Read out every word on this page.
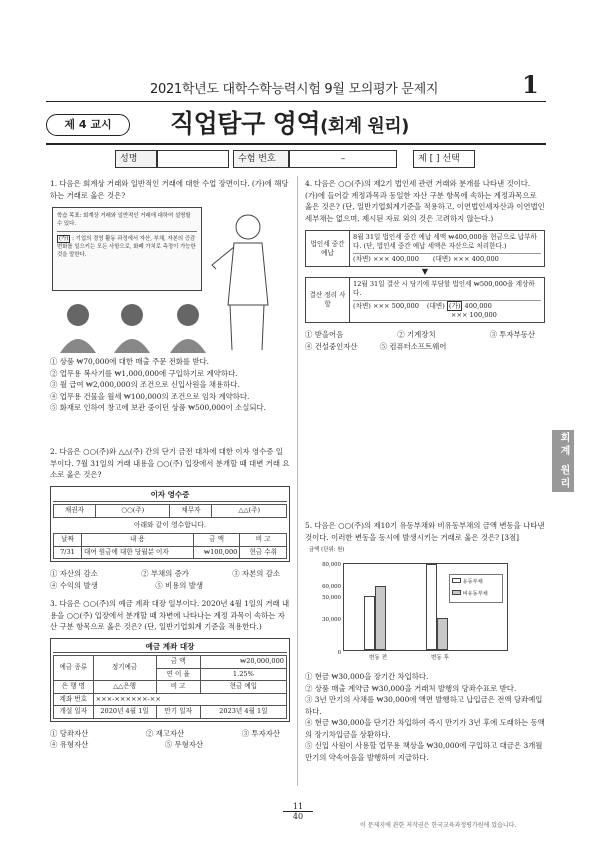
2021학년도 대학수학능력시험 9월 모의평가 문제지	1
제 4 교시	직업탐구 영역(회계 원리)
성명	수험 번호	–	제 [ ] 선택
1. 다음은 회계상 거래와 일반적인 거래에 대한 수업 장면이다. (가)에 해당하는 거래로 옳은 것은?
학습 목표: 회계상 거래와 일반적인 거래에 대하여 설명할 수 있다.
(가) : 기업의 경영 활동 과정에서 자산, 부채, 자본의 증감 변화를 일으키는 모든 사항으로, 화폐 가치로 측정이 가능한 것을 말한다.
① 상품 ₩70,000에 대한 매출 주문 전화를 받다.
② 업무용 복사기를 ₩1,000,000에 구입하기로 계약하다.
③ 월 급여 ₩2,000,000의 조건으로 신입사원을 채용하다.
④ 업무용 건물을 월세 ₩100,000의 조건으로 임차 계약하다.
⑤ 화재로 인하여 창고에 보관 중이던 상품 ₩500,000이 소실되다.
2. 다음은 ○○(주)와 △△(주) 간의 단기 금전 대차에 대한 이자 영수증 일부이다. 7월 31일의 거래 내용을 ○○(주) 입장에서 분개할 때 대변 거래 요소로 옳은 것은?
이자 영수증
채권자	○○(주)	채무자	△△(주)
아래와 같이 영수합니다.
날짜	내 용	금 액	비 고
7/31	대여 원금에 대한 당월분 이자	₩100,000	현금 수취
① 자산의 감소	② 부채의 증가	③ 자본의 감소
④ 수익의 발생	⑤ 비용의 발생
3. 다음은 ○○(주)의 예금 계좌 대장 일부이다. 2020년 4월 1일의 거래 내용을 ○○(주) 입장에서 분개할 때 차변에 나타나는 계정 과목이 속하는 자산 구분 항목으로 옳은 것은? (단, 일반기업회계 기준을 적용한다.)
예금 계좌 대장
예금 종류	정기예금	금 액	₩20,000,000
		연 이 율	1.25%
은 행 명	△△은행	비 고	현금 예입
계좌 번호	×××-××××××-××		
개설 일자	2020년 4월 1일	만기 일자	2023년 4월 1일
① 당좌자산	② 재고자산	③ 투자자산
④ 유형자산	⑤ 무형자산
4. 다음은 ○○(주)의 제2기 법인세 관련 거래와 분개를 나타낸 것이다. (가)에 들어갈 계정과목과 동일한 자산 구분 항목에 속하는 계정과목으로 옳은 것은? (단, 일반기업회계기준을 적용하고, 이연법인세자산과 이연법인세부채는 없으며, 제시된 자료 외의 것은 고려하지 않는다.)
법인세 중간 예납
8월 31일 법인세 중간 예납 세액 ₩400,000을 현금으로 납부하다. (단, 법인세 중간 예납 세액은 자산으로 처리한다.)
(차변) ××× 400,000 (대변) ××× 400,000
▼
결산 정리 사항
12월 31일 결산 시 당기에 부담할 법인세 ₩500,000을 계상하다.
(차변) ××× 500,000 (대변) (가) 400,000
××× 100,000
① 받을어음	② 기계장치	③ 투자부동산
④ 건설중인자산	⑤ 컴퓨터소프트웨어
5. 다음은 ○○(주)의 제10기 유동부채와 비유동부채의 금액 변동을 나타낸 것이다. 이러한 변동을 동시에 발생시키는 거래로 옳은 것은? [3점]
금액 (단위: 원)
유동부채
비유동부채
0
30,000
50,000
60,000
80,000
변동 전	변동 후
① 현금 ₩30,000을 장기간 차입하다.
② 상품 매출 계약금 ₩30,000을 거래처 발행의 당좌수표로 받다.
③ 3년 만기의 사채를 ₩30,000에 액면 발행하고 납입금은 전액 당좌예입하다.
④ 현금 ₩30,000을 단기간 차입하여 즉시 만기가 3년 후에 도래하는 동액의 장기차입금을 상환하다.
⑤ 신입 사원이 사용할 업무용 책상을 ₩30,000에 구입하고 대금은 3개월 만기의 약속어음을 발행하여 지급하다.
회계 원리
11
40
이 문제지에 관한 저작권은 한국교육과정평가원에 있습니다.
